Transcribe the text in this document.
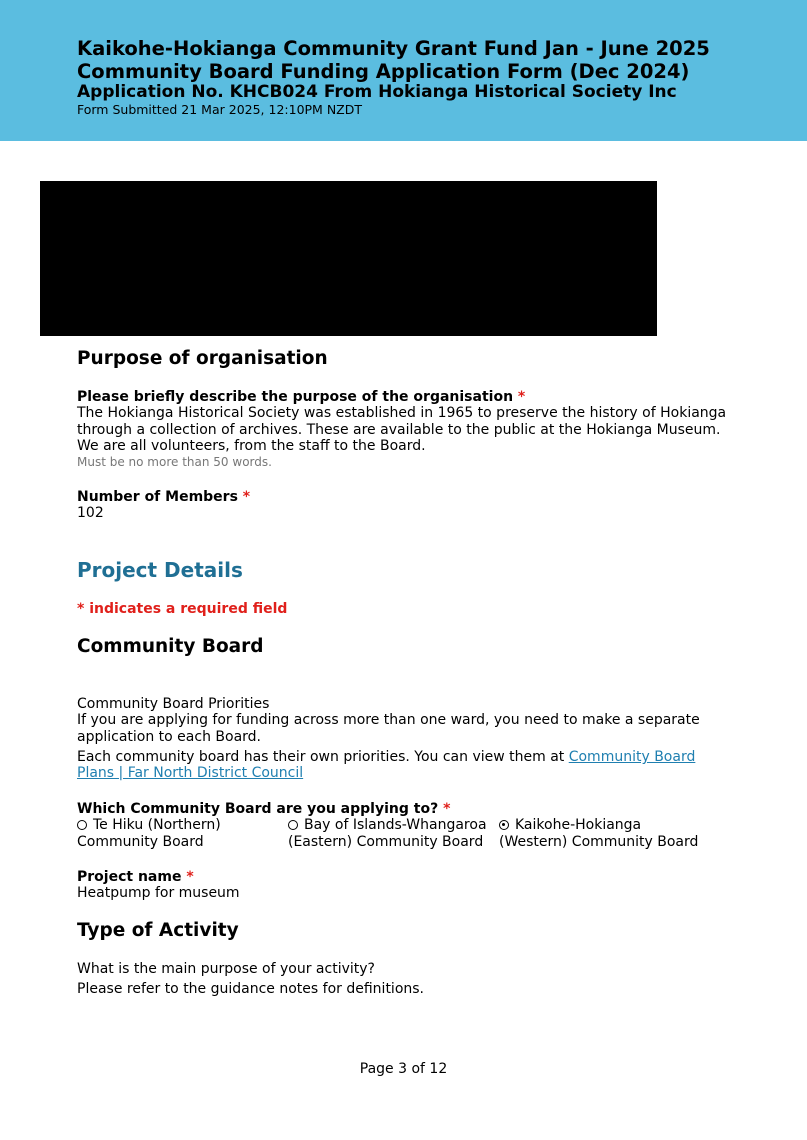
Kaikohe-Hokianga Community Grant Fund Jan - June 2025
Community Board Funding Application Form (Dec 2024)
Application No. KHCB024 From Hokianga Historical Society Inc
Form Submitted 21 Mar 2025, 12:10PM NZDT
Purpose of organisation
Please briefly describe the purpose of the organisation *
The Hokianga Historical Society was established in 1965 to preserve the history of Hokianga
through a collection of archives. These are available to the public at the Hokianga Museum.
We are all volunteers, from the staff to the Board.
Must be no more than 50 words.
Number of Members *
102
Project Details
* indicates a required field
Community Board
Community Board Priorities
If you are applying for funding across more than one ward, you need to make a separate
application to each Board.
Each community board has their own priorities. You can view them at Community Board
Plans | Far North District Council
Which Community Board are you applying to? *
Te Hiku (Northern)
Community Board
Bay of Islands-Whangaroa
(Eastern) Community Board
Kaikohe-Hokianga
(Western) Community Board
Project name *
Heatpump for museum
Type of Activity
What is the main purpose of your activity?
Please refer to the guidance notes for definitions.
Page 3 of 12
